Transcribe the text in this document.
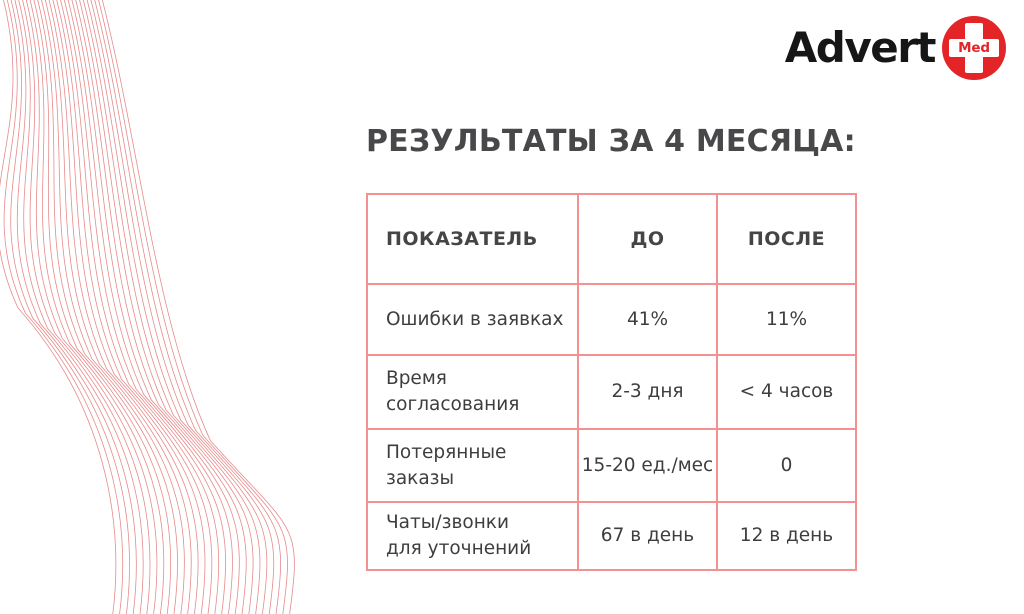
Advert	Med
РЕЗУЛЬТАТЫ ЗА 4 МЕСЯЦА:
ПОКАЗАТЕЛЬ	ДО	ПОСЛЕ
Ошибки в заявках	41%	11%
Время
согласования	2-3 дня	< 4 часов
Потерянные
заказы	15-20 ед./мес	0
Чаты/звонки
для уточнений	67 в день	12 в день
